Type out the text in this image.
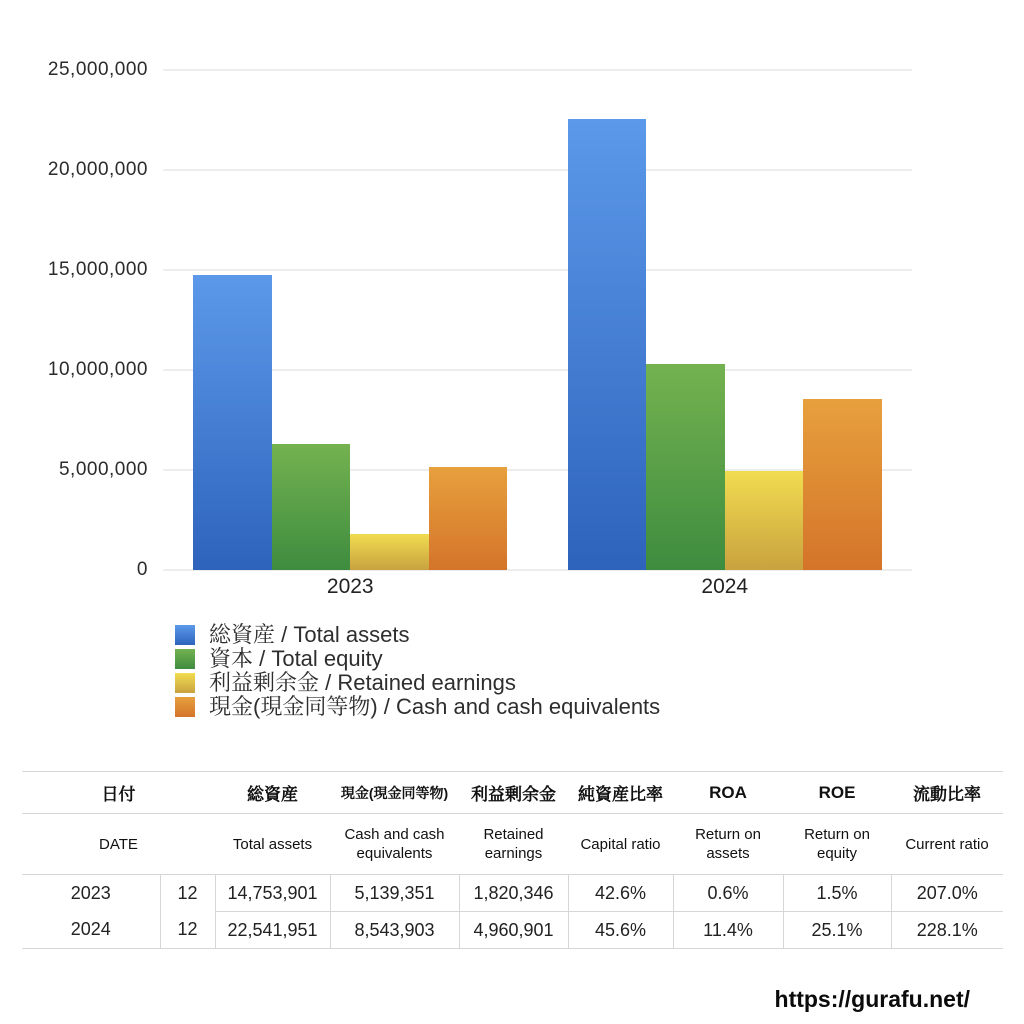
0
5,000,000
10,000,000
15,000,000
20,000,000
25,000,000
2023	2024
総資産 / Total assets
資本 / Total equity
利益剰余金 / Retained earnings
現金(現金同等物) / Cash and cash equivalents
日付		総資産	現金(現金同等物)	利益剰余金	純資産比率	ROA	ROE	流動比率
DATE		Total assets	Cash and cash equivalents	Retained earnings	Capital ratio	Return on assets	Return on equity	Current ratio
2023	12	14,753,901	5,139,351	1,820,346	42.6%	0.6%	1.5%	207.0%
2024	12	22,541,951	8,543,903	4,960,901	45.6%	11.4%	25.1%	228.1%
https://gurafu.net/
